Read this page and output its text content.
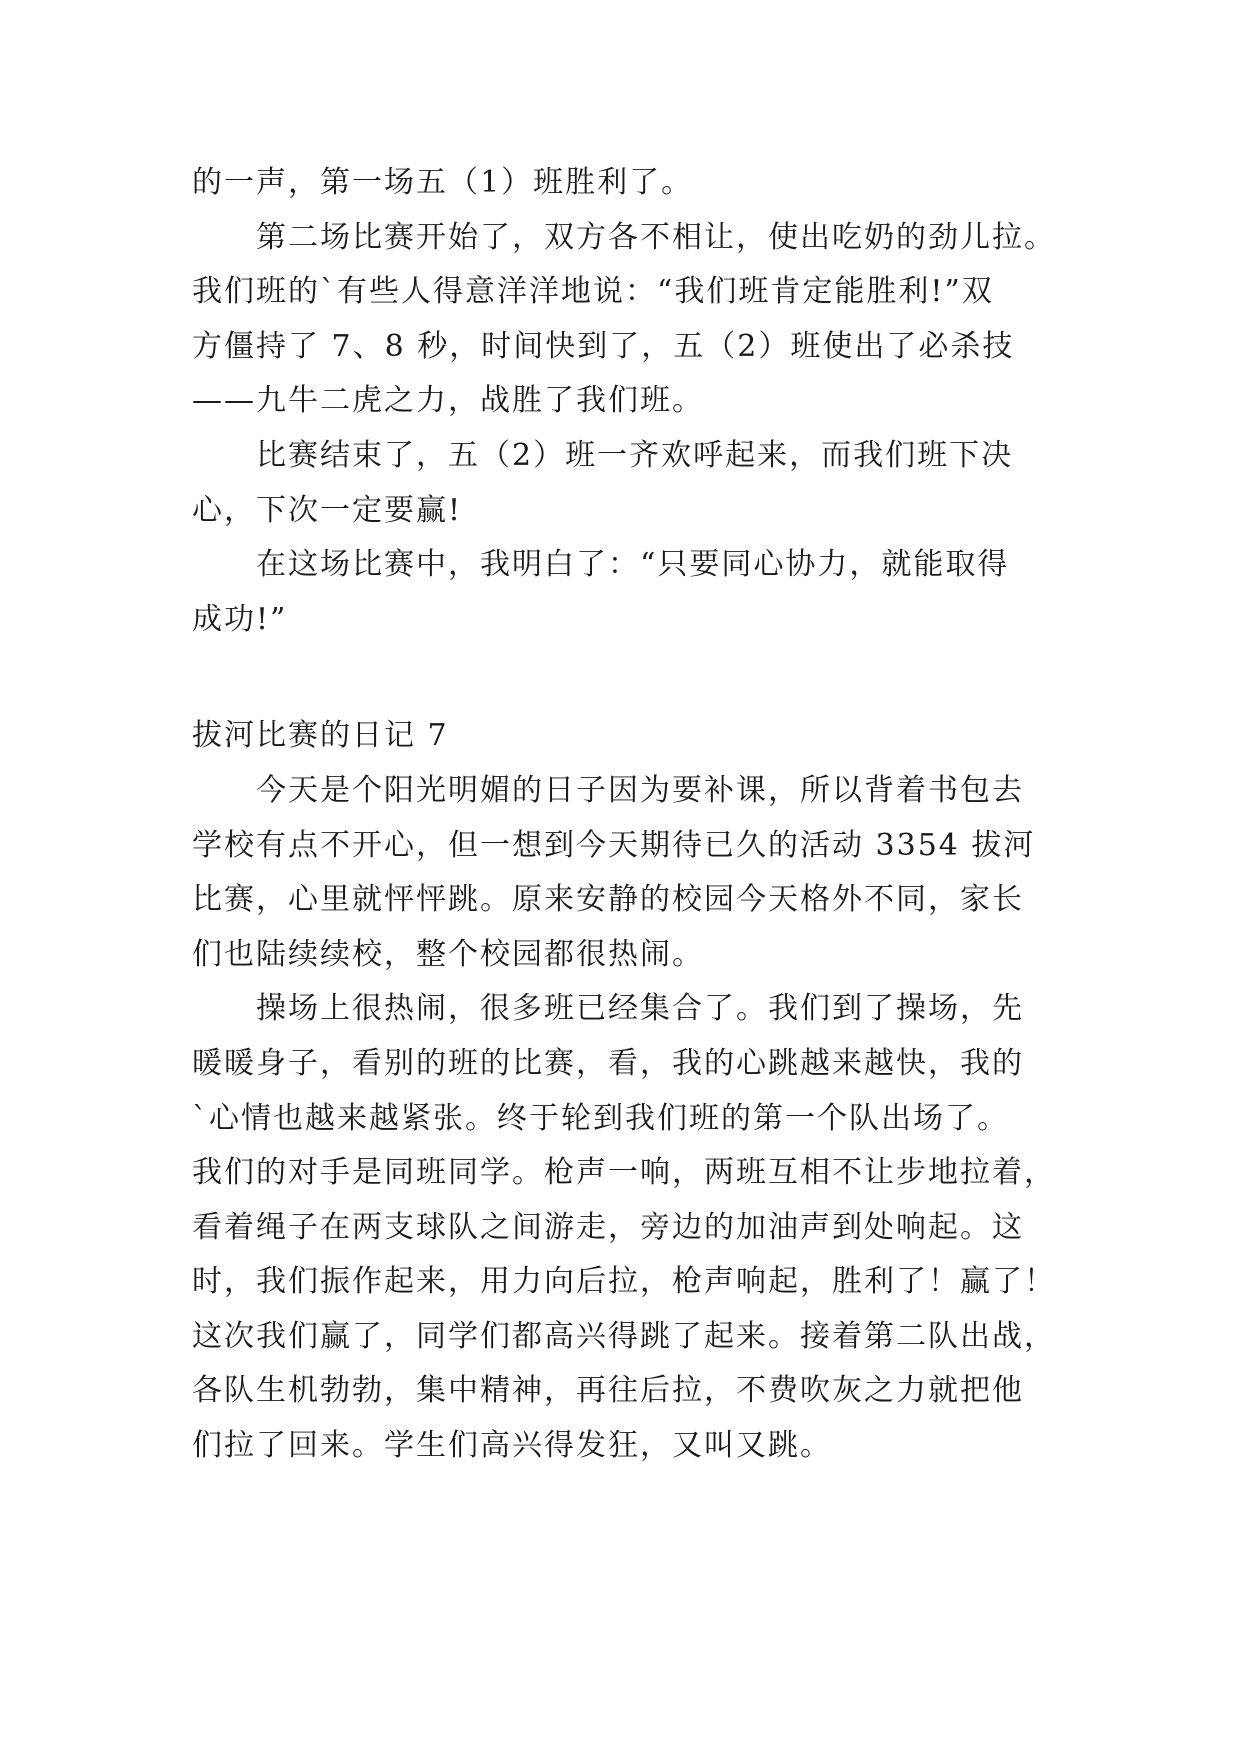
的一声，第一场五（1）班胜利了。
第二场比赛开始了，双方各不相让，使出吃奶的劲儿拉。
我们班的`有些人得意洋洋地说：“我们班肯定能胜利!”双
方僵持了 7、8 秒，时间快到了，五（2）班使出了必杀技
——九牛二虎之力，战胜了我们班。
比赛结束了，五（2）班一齐欢呼起来，而我们班下决
心，下次一定要赢!
在这场比赛中，我明白了：“只要同心协力，就能取得
成功!”
拔河比赛的日记 7
今天是个阳光明媚的日子因为要补课，所以背着书包去
学校有点不开心，但一想到今天期待已久的活动 3354 拔河
比赛，心里就怦怦跳。原来安静的校园今天格外不同，家长
们也陆续续校，整个校园都很热闹。
操场上很热闹，很多班已经集合了。我们到了操场，先
暖暖身子，看别的班的比赛，看，我的心跳越来越快，我的
`心情也越来越紧张。终于轮到我们班的第一个队出场了。
我们的对手是同班同学。枪声一响，两班互相不让步地拉着，
看着绳子在两支球队之间游走，旁边的加油声到处响起。这
时，我们振作起来，用力向后拉，枪声响起，胜利了！赢了！
这次我们赢了，同学们都高兴得跳了起来。接着第二队出战，
各队生机勃勃，集中精神，再往后拉，不费吹灰之力就把他
们拉了回来。学生们高兴得发狂，又叫又跳。
